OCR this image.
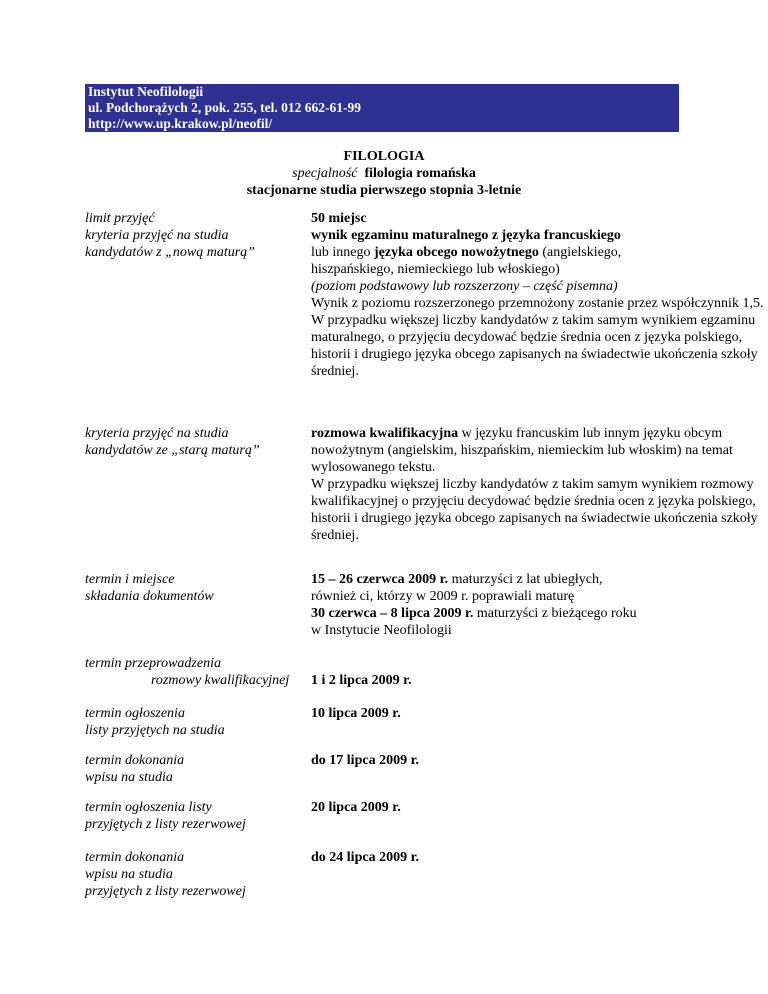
Instytut Neofilologii
ul. Podchorążych 2, pok. 255, tel. 012 662-61-99
http://www.up.krakow.pl/neofil/
FILOLOGIA
specjalność filologia romańska
stacjonarne studia pierwszego stopnia 3-letnie
limit przyjęć	50 miejsc
kryteria przyjęć na studia
kandydatów z „nową maturą”
wynik egzaminu maturalnego z języka francuskiego
lub innego języka obcego nowożytnego (angielskiego,
hiszpańskiego, niemieckiego lub włoskiego)
(poziom podstawowy lub rozszerzony – część pisemna)
Wynik z poziomu rozszerzonego przemnożony zostanie przez współczynnik 1,5.
W przypadku większej liczby kandydatów z takim samym wynikiem egzaminu maturalnego, o przyjęciu decydować będzie średnia ocen z języka polskiego, historii i drugiego języka obcego zapisanych na świadectwie ukończenia szkoły średniej.
kryteria przyjęć na studia
kandydatów ze „starą maturą”
rozmowa kwalifikacyjna w języku francuskim lub innym języku obcym nowożytnym (angielskim, hiszpańskim, niemieckim lub włoskim) na temat wylosowanego tekstu.
W przypadku większej liczby kandydatów z takim samym wynikiem rozmowy kwalifikacyjnej o przyjęciu decydować będzie średnia ocen z języka polskiego, historii i drugiego języka obcego zapisanych na świadectwie ukończenia szkoły średniej.
termin i miejsce
składania dokumentów
15 – 26 czerwca 2009 r. maturzyści z lat ubiegłych,
również ci, którzy w 2009 r. poprawiali maturę
30 czerwca – 8 lipca 2009 r. maturzyści z bieżącego roku
w Instytucie Neofilologii
termin przeprowadzenia
rozmowy kwalifikacyjnej	1 i 2 lipca 2009 r.
termin ogłoszenia
listy przyjętych na studia
10 lipca 2009 r.
termin dokonania
wpisu na studia
do 17 lipca 2009 r.
termin ogłoszenia listy
przyjętych z listy rezerwowej
20 lipca 2009 r.
termin dokonania
wpisu na studia
przyjętych z listy rezerwowej
do 24 lipca 2009 r.
